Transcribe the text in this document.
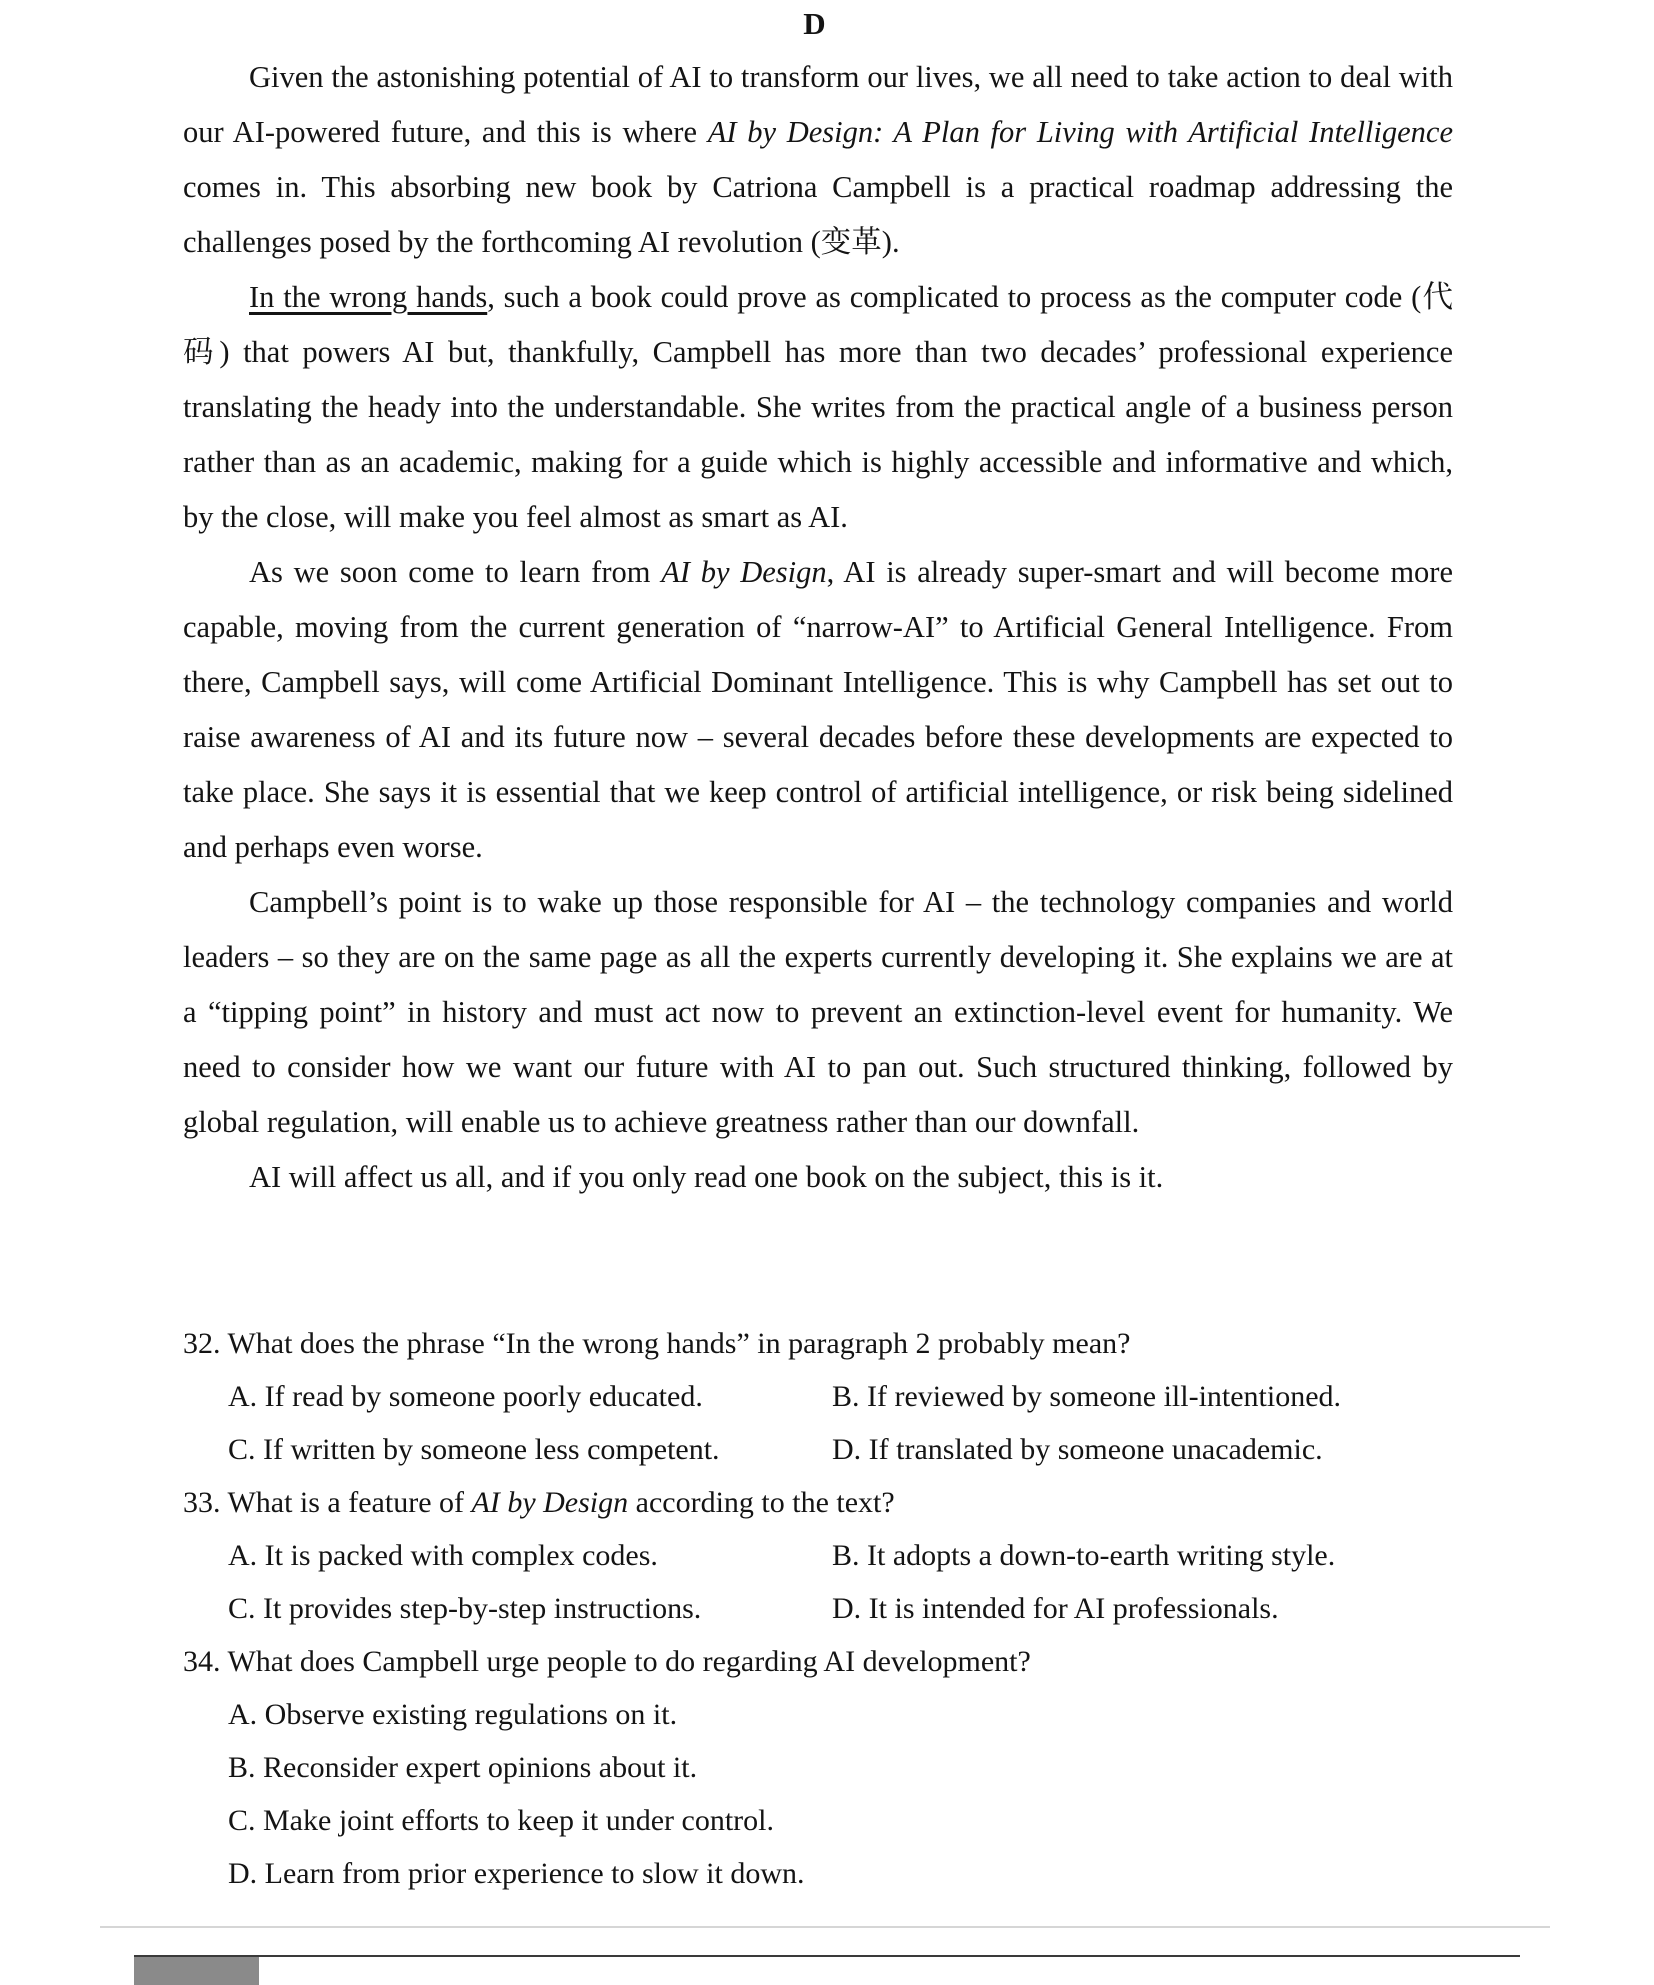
D

Given the astonishing potential of AI to transform our lives, we all need to take action to deal with our AI-powered future, and this is where AI by Design: A Plan for Living with Artificial Intelligence comes in. This absorbing new book by Catriona Campbell is a practical roadmap addressing the challenges posed by the forthcoming AI revolution (变革).

In the wrong hands, such a book could prove as complicated to process as the computer code (代码) that powers AI but, thankfully, Campbell has more than two decades’ professional experience translating the heady into the understandable. She writes from the practical angle of a business person rather than as an academic, making for a guide which is highly accessible and informative and which, by the close, will make you feel almost as smart as AI.

As we soon come to learn from AI by Design, AI is already super-smart and will become more capable, moving from the current generation of “narrow-AI” to Artificial General Intelligence. From there, Campbell says, will come Artificial Dominant Intelligence. This is why Campbell has set out to raise awareness of AI and its future now – several decades before these developments are expected to take place. She says it is essential that we keep control of artificial intelligence, or risk being sidelined and perhaps even worse.

Campbell’s point is to wake up those responsible for AI – the technology companies and world leaders – so they are on the same page as all the experts currently developing it. She explains we are at a “tipping point” in history and must act now to prevent an extinction-level event for humanity. We need to consider how we want our future with AI to pan out. Such structured thinking, followed by global regulation, will enable us to achieve greatness rather than our downfall.

AI will affect us all, and if you only read one book on the subject, this is it.

32. What does the phrase “In the wrong hands” in paragraph 2 probably mean?
A. If read by someone poorly educated.	B. If reviewed by someone ill-intentioned.
C. If written by someone less competent.	D. If translated by someone unacademic.
33. What is a feature of AI by Design according to the text?
A. It is packed with complex codes.	B. It adopts a down-to-earth writing style.
C. It provides step-by-step instructions.	D. It is intended for AI professionals.
34. What does Campbell urge people to do regarding AI development?
A. Observe existing regulations on it.
B. Reconsider expert opinions about it.
C. Make joint efforts to keep it under control.
D. Learn from prior experience to slow it down.
